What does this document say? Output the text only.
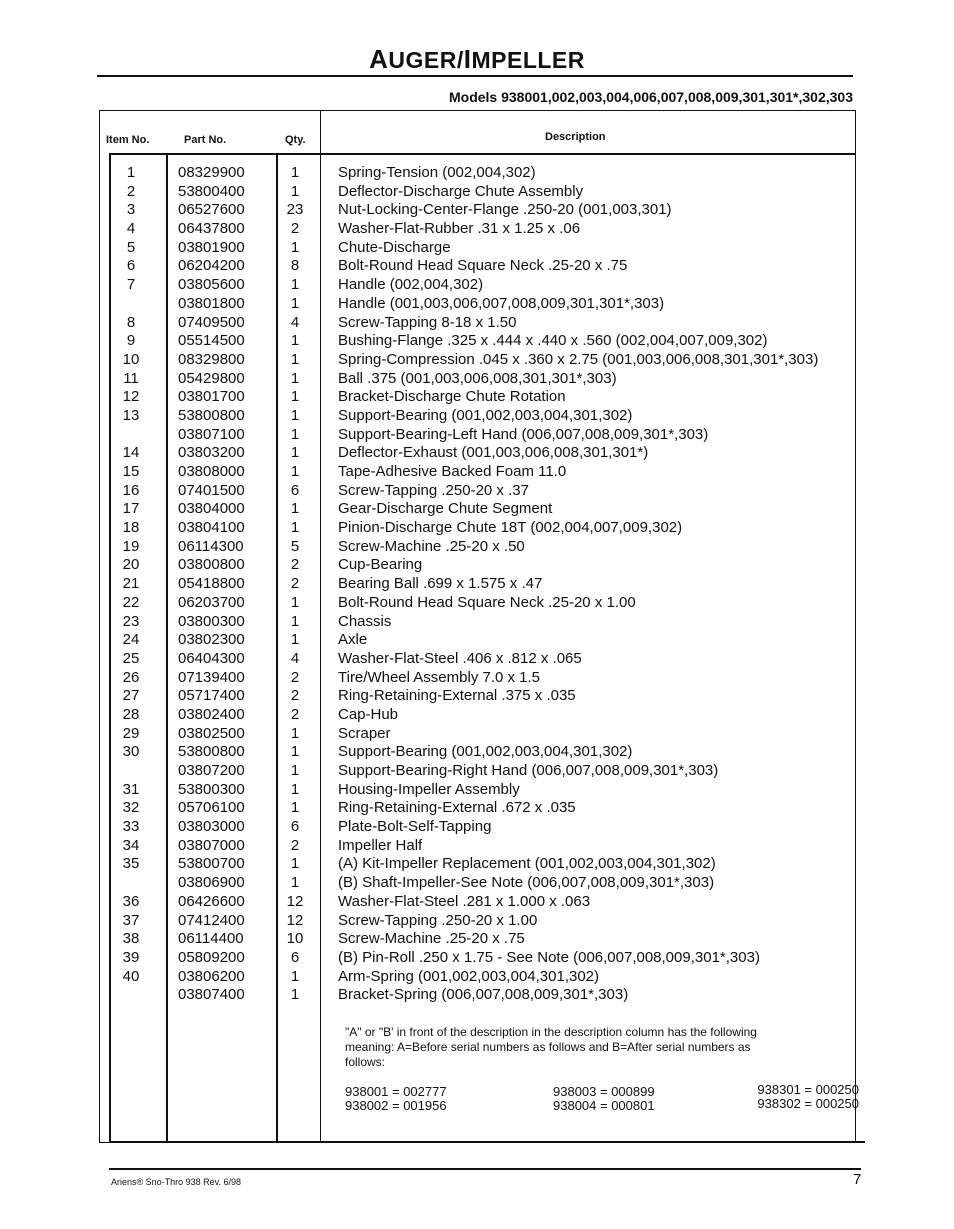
AUGER/IMPELLER
Models 938001,002,003,004,006,007,008,009,301,301*,302,303
Item No.	Part No.	Qty.	Description
1	08329900	1	Spring-Tension (002,004,302)
2	53800400	1	Deflector-Discharge Chute Assembly
3	06527600	23	Nut-Locking-Center-Flange .250-20 (001,003,301)
4	06437800	2	Washer-Flat-Rubber .31 x 1.25 x .06
5	03801900	1	Chute-Discharge
6	06204200	8	Bolt-Round Head Square Neck .25-20 x .75
7	03805600	1	Handle (002,004,302)
03801800	1	Handle (001,003,006,007,008,009,301,301*,303)
8	07409500	4	Screw-Tapping 8-18 x 1.50
9	05514500	1	Bushing-Flange .325 x .444 x .440 x .560 (002,004,007,009,302)
10	08329800	1	Spring-Compression .045 x .360 x 2.75 (001,003,006,008,301,301*,303)
11	05429800	1	Ball .375 (001,003,006,008,301,301*,303)
12	03801700	1	Bracket-Discharge Chute Rotation
13	53800800	1	Support-Bearing (001,002,003,004,301,302)
03807100	1	Support-Bearing-Left Hand (006,007,008,009,301*,303)
14	03803200	1	Deflector-Exhaust (001,003,006,008,301,301*)
15	03808000	1	Tape-Adhesive Backed Foam 11.0
16	07401500	6	Screw-Tapping .250-20 x .37
17	03804000	1	Gear-Discharge Chute Segment
18	03804100	1	Pinion-Discharge Chute 18T (002,004,007,009,302)
19	06114300	5	Screw-Machine .25-20 x .50
20	03800800	2	Cup-Bearing
21	05418800	2	Bearing Ball .699 x 1.575 x .47
22	06203700	1	Bolt-Round Head Square Neck .25-20 x 1.00
23	03800300	1	Chassis
24	03802300	1	Axle
25	06404300	4	Washer-Flat-Steel .406 x .812 x .065
26	07139400	2	Tire/Wheel Assembly 7.0 x 1.5
27	05717400	2	Ring-Retaining-External .375 x .035
28	03802400	2	Cap-Hub
29	03802500	1	Scraper
30	53800800	1	Support-Bearing (001,002,003,004,301,302)
03807200	1	Support-Bearing-Right Hand (006,007,008,009,301*,303)
31	53800300	1	Housing-Impeller Assembly
32	05706100	1	Ring-Retaining-External .672 x .035
33	03803000	6	Plate-Bolt-Self-Tapping
34	03807000	2	Impeller Half
35	53800700	1	(A) Kit-Impeller Replacement (001,002,003,004,301,302)
03806900	1	(B) Shaft-Impeller-See Note (006,007,008,009,301*,303)
36	06426600	12	Washer-Flat-Steel .281 x 1.000 x .063
37	07412400	12	Screw-Tapping .250-20 x 1.00
38	06114400	10	Screw-Machine .25-20 x .75
39	05809200	6	(B) Pin-Roll .250 x 1.75 - See Note (006,007,008,009,301*,303)
40	03806200	1	Arm-Spring (001,002,003,004,301,302)
03807400	1	Bracket-Spring (006,007,008,009,301*,303)
"A" or "B' in front of the description in the description column has the following meaning: A=Before serial numbers as follows and B=After serial numbers as follows:
938001 = 002777
938002 = 001956
938003 = 000899
938004 = 000801
938301 = 000250
938302 = 000250
Ariens® Sno-Thro 938 Rev. 6/98	7
